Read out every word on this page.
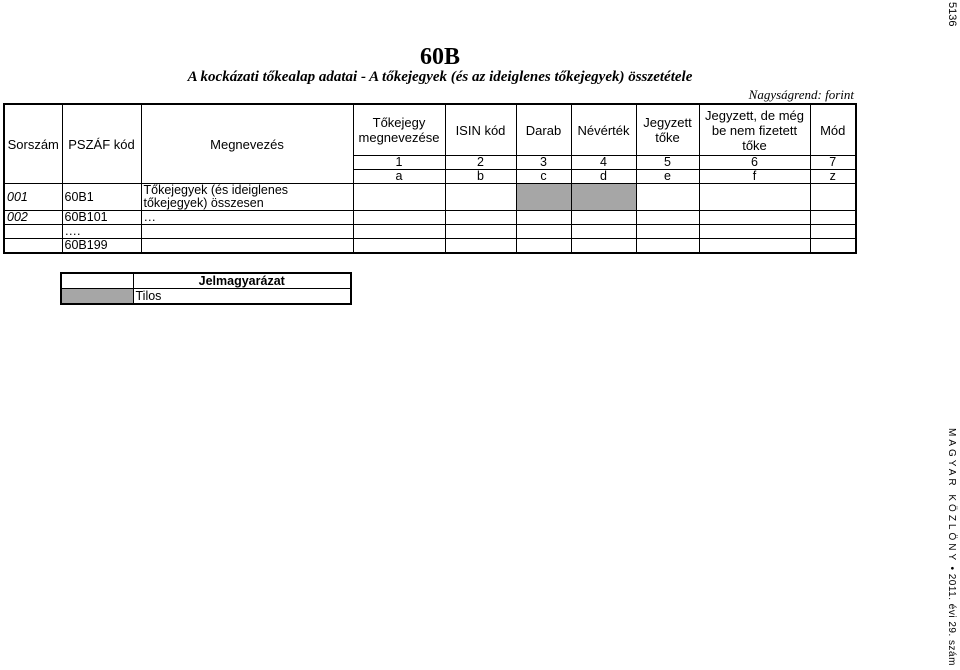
60B
A kockázati tőkealap adatai - A tőkejegyek (és az ideiglenes tőkejegyek) összetétele
Nagyságrend: forint
Sorszám	PSZÁF kód	Megnevezés	Tőkejegy megnevezése	ISIN kód	Darab	Névérték	Jegyzett tőke	Jegyzett, de még be nem fizetett tőke	Mód
			1	2	3	4	5	6	7
			a	b	c	d	e	f	z
001	60B1	Tőkejegyek (és ideiglenes tőkejegyek) összesen							
002	60B101	…							
	….								
	60B199								
	Jelmagyarázat
	Tilos
5136
MAGYAR KÖZLÖNY • 2011. évi 29. szám
